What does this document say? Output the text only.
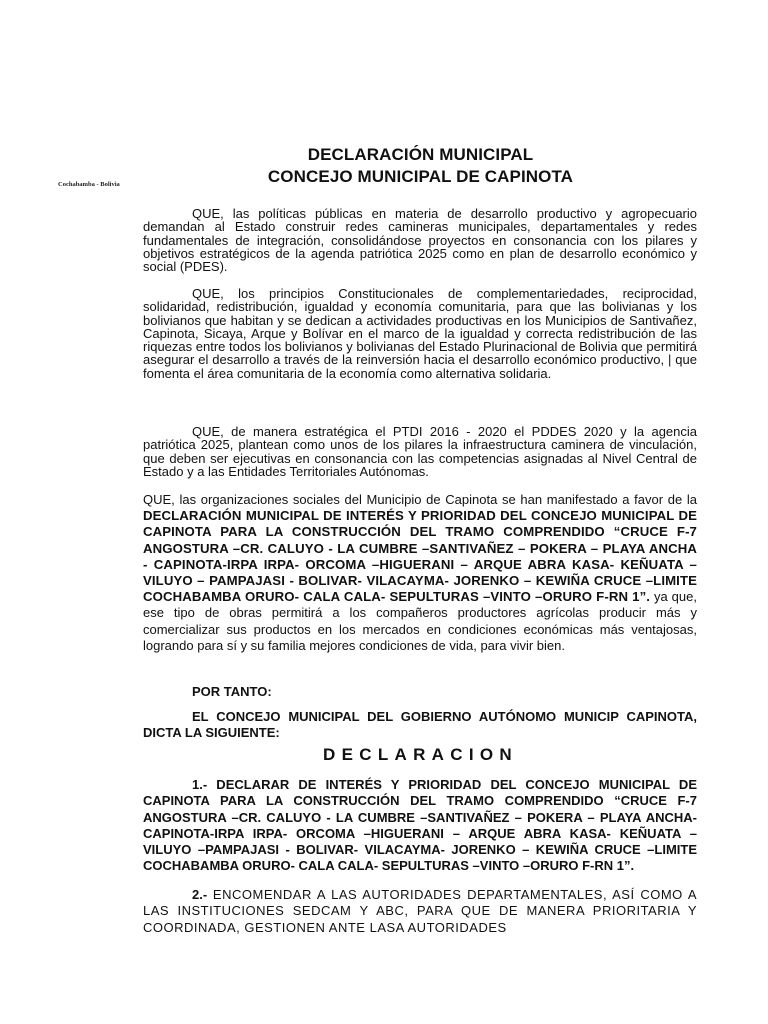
Cochabamba - Bolivia
DECLARACIÓN MUNICIPAL
CONCEJO MUNICIPAL DE CAPINOTA

QUE, las políticas públicas en materia de desarrollo productivo y agropecuario demandan al Estado construir redes camineras municipales, departamentales y redes fundamentales de integración, consolidándose proyectos en consonancia con los pilares y objetivos estratégicos de la agenda patriótica 2025 como en plan de desarrollo económico y social (PDES).

QUE, los principios Constitucionales de complementariedades, reciprocidad, solidaridad, redistribución, igualdad y economía comunitaria, para que las bolivianas y los bolivianos que habitan y se dedican a actividades productivas en los Municipios de Santivañez, Capinota, Sicaya, Arque y Bolívar en el marco de la igualdad y correcta redistribución de las riquezas entre todos los bolivianos y bolivianas del Estado Plurinacional de Bolivia que permitirá asegurar el desarrollo a través de la reinversión hacia el desarrollo económico productivo, | que fomenta el área comunitaria de la economía como alternativa solidaria.

QUE, de manera estratégica el PTDI 2016 - 2020 el PDDES 2020 y la agencia patriótica 2025, plantean como unos de los pilares la infraestructura caminera de vinculación, que deben ser ejecutivas en consonancia con las competencias asignadas al Nivel Central de Estado y a las Entidades Territoriales Autónomas.

QUE, las organizaciones sociales del Municipio de Capinota se han manifestado a favor de la DECLARACIÓN MUNICIPAL DE INTERÉS Y PRIORIDAD DEL CONCEJO MUNICIPAL DE CAPINOTA PARA LA CONSTRUCCIÓN DEL TRAMO COMPRENDIDO “CRUCE F-7 ANGOSTURA –CR. CALUYO - LA CUMBRE –SANTIVAÑEZ – POKERA – PLAYA ANCHA - CAPINOTA-IRPA IRPA- ORCOMA –HIGUERANI – ARQUE ABRA KASA- KEÑUATA –VILUYO – PAMPAJASI - BOLIVAR- VILACAYMA- JORENKO – KEWIÑA CRUCE –LIMITE COCHABAMBA ORURO- CALA CALA- SEPULTURAS –VINTO –ORURO F-RN 1”. ya que, ese tipo de obras permitirá a los compañeros productores agrícolas producir más y comercializar sus productos en los mercados en condiciones económicas más ventajosas, logrando para sí y su familia mejores condiciones de vida, para vivir bien.

POR TANTO:

EL CONCEJO MUNICIPAL DEL GOBIERNO AUTÓNOMO MUNICIP CAPINOTA, DICTA LA SIGUIENTE:

DECLARACION

1.- DECLARAR DE INTERÉS Y PRIORIDAD DEL CONCEJO MUNICIPAL DE CAPINOTA PARA LA CONSTRUCCIÓN DEL TRAMO COMPRENDIDO “CRUCE F-7 ANGOSTURA –CR. CALUYO - LA CUMBRE –SANTIVAÑEZ – POKERA – PLAYA ANCHA- CAPINOTA-IRPA IRPA- ORCOMA –HIGUERANI – ARQUE ABRA KASA- KEÑUATA –VILUYO –PAMPAJASI - BOLIVAR- VILACAYMA- JORENKO – KEWIÑA CRUCE –LIMITE COCHABAMBA ORURO- CALA CALA- SEPULTURAS –VINTO –ORURO F-RN 1”.

2.- ENCOMENDAR A LAS AUTORIDADES DEPARTAMENTALES, ASÍ COMO A LAS INSTITUCIONES SEDCAM Y ABC, PARA QUE DE MANERA PRIORITARIA Y COORDINADA, GESTIONEN ANTE LASA AUTORIDADES
